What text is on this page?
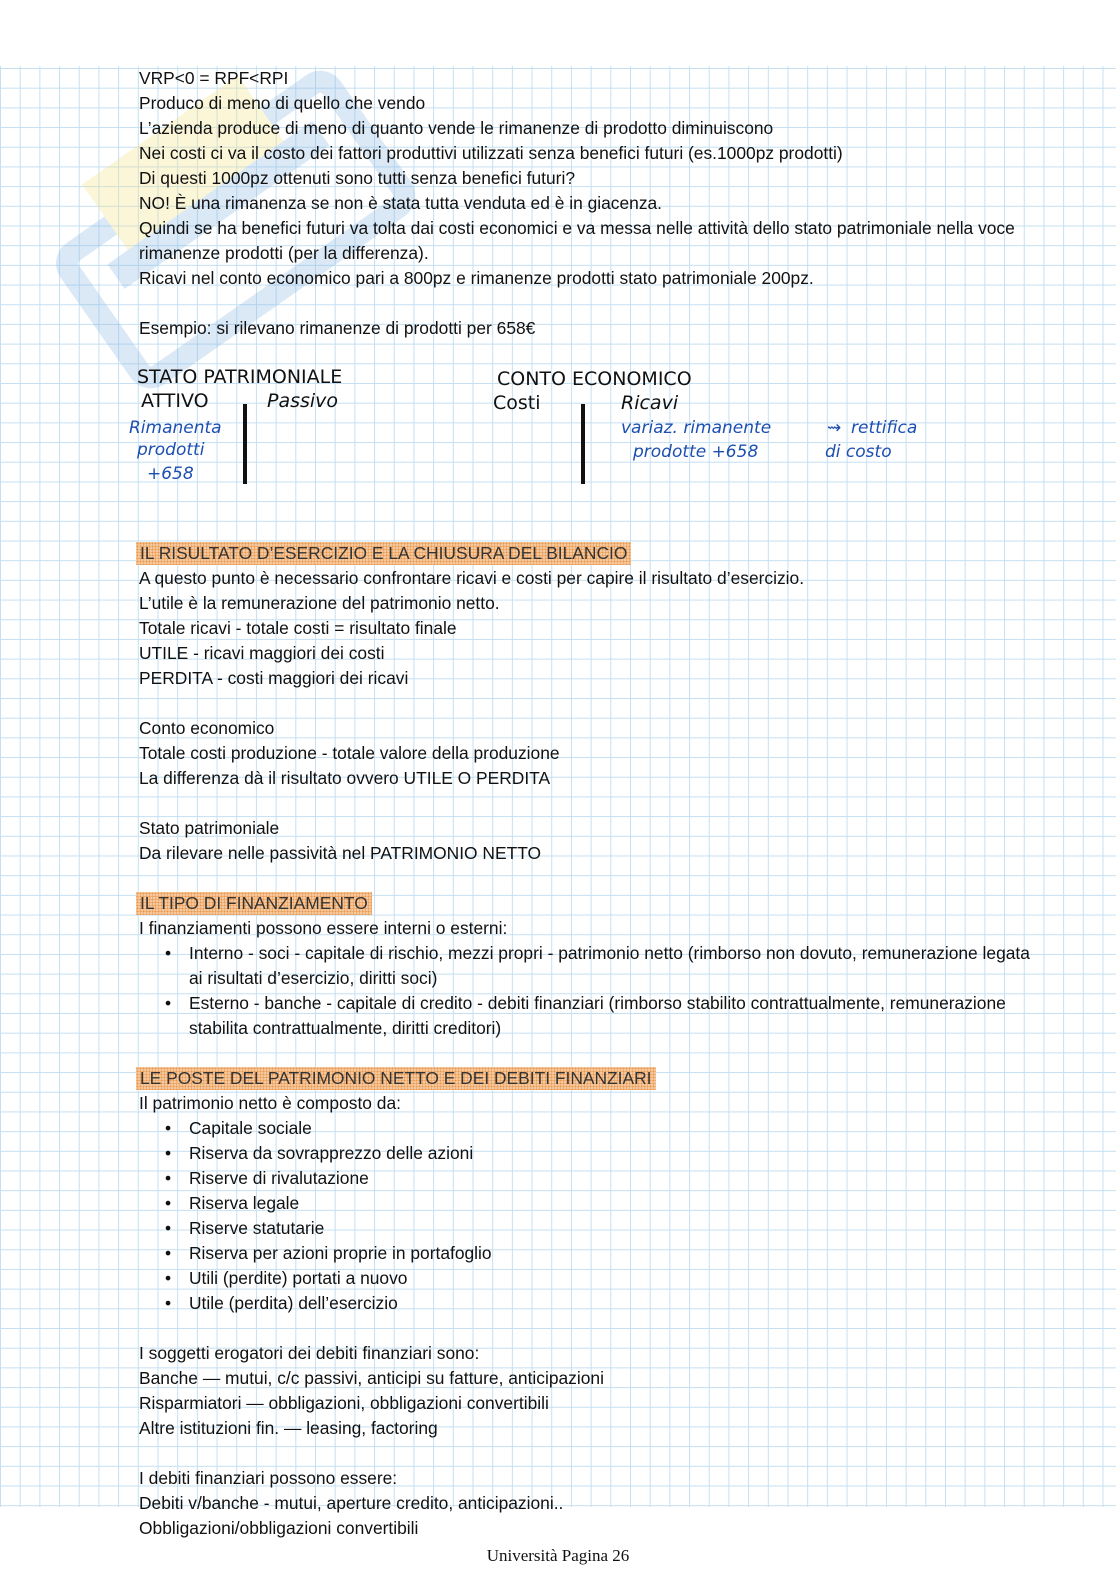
VRP<0 = RPF<RPI
Produco di meno di quello che vendo
L’azienda produce di meno di quanto vende le rimanenze di prodotto diminuiscono
Nei costi ci va il costo dei fattori produttivi utilizzati senza benefici futuri (es.1000pz prodotti)
Di questi 1000pz ottenuti sono tutti senza benefici futuri?
NO! È una rimanenza se non è stata tutta venduta ed è in giacenza.
Quindi se ha benefici futuri va tolta dai costi economici e va messa nelle attività dello stato patrimoniale nella voce rimanenze prodotti (per la differenza).
Ricavi nel conto economico pari a 800pz e rimanenze prodotti stato patrimoniale 200pz.
Esempio: si rilevano rimanenze di prodotti per 658€
STATO PATRIMONIALE
ATTIVO	Passivo
CONTO ECONOMICO
Costi	Ricavi
Rimanenta
prodotti
+658
variaz. rimanente
prodotte +658
⇝ rettifica
di costo
IL RISULTATO D’ESERCIZIO E LA CHIUSURA DEL BILANCIO
A questo punto è necessario confrontare ricavi e costi per capire il risultato d’esercizio.
L’utile è la remunerazione del patrimonio netto.
Totale ricavi - totale costi = risultato finale
UTILE - ricavi maggiori dei costi
PERDITA - costi maggiori dei ricavi
Conto economico
Totale costi produzione - totale valore della produzione
La differenza dà il risultato ovvero UTILE O PERDITA
Stato patrimoniale
Da rilevare nelle passività nel PATRIMONIO NETTO
IL TIPO DI FINANZIAMENTO
I finanziamenti possono essere interni o esterni:
• Interno - soci - capitale di rischio, mezzi propri - patrimonio netto (rimborso non dovuto, remunerazione legata ai risultati d’esercizio, diritti soci)
• Esterno - banche - capitale di credito - debiti finanziari (rimborso stabilito contrattualmente, remunerazione stabilita contrattualmente, diritti creditori)
LE POSTE DEL PATRIMONIO NETTO E DEI DEBITI FINANZIARI
Il patrimonio netto è composto da:
• Capitale sociale
• Riserva da sovrapprezzo delle azioni
• Riserve di rivalutazione
• Riserva legale
• Riserve statutarie
• Riserva per azioni proprie in portafoglio
• Utili (perdite) portati a nuovo
• Utile (perdita) dell’esercizio
I soggetti erogatori dei debiti finanziari sono:
Banche — mutui, c/c passivi, anticipi su fatture, anticipazioni
Risparmiatori — obbligazioni, obbligazioni convertibili
Altre istituzioni fin. — leasing, factoring
I debiti finanziari possono essere:
Debiti v/banche - mutui, aperture credito, anticipazioni..
Obbligazioni/obbligazioni convertibili
Università Pagina 26
